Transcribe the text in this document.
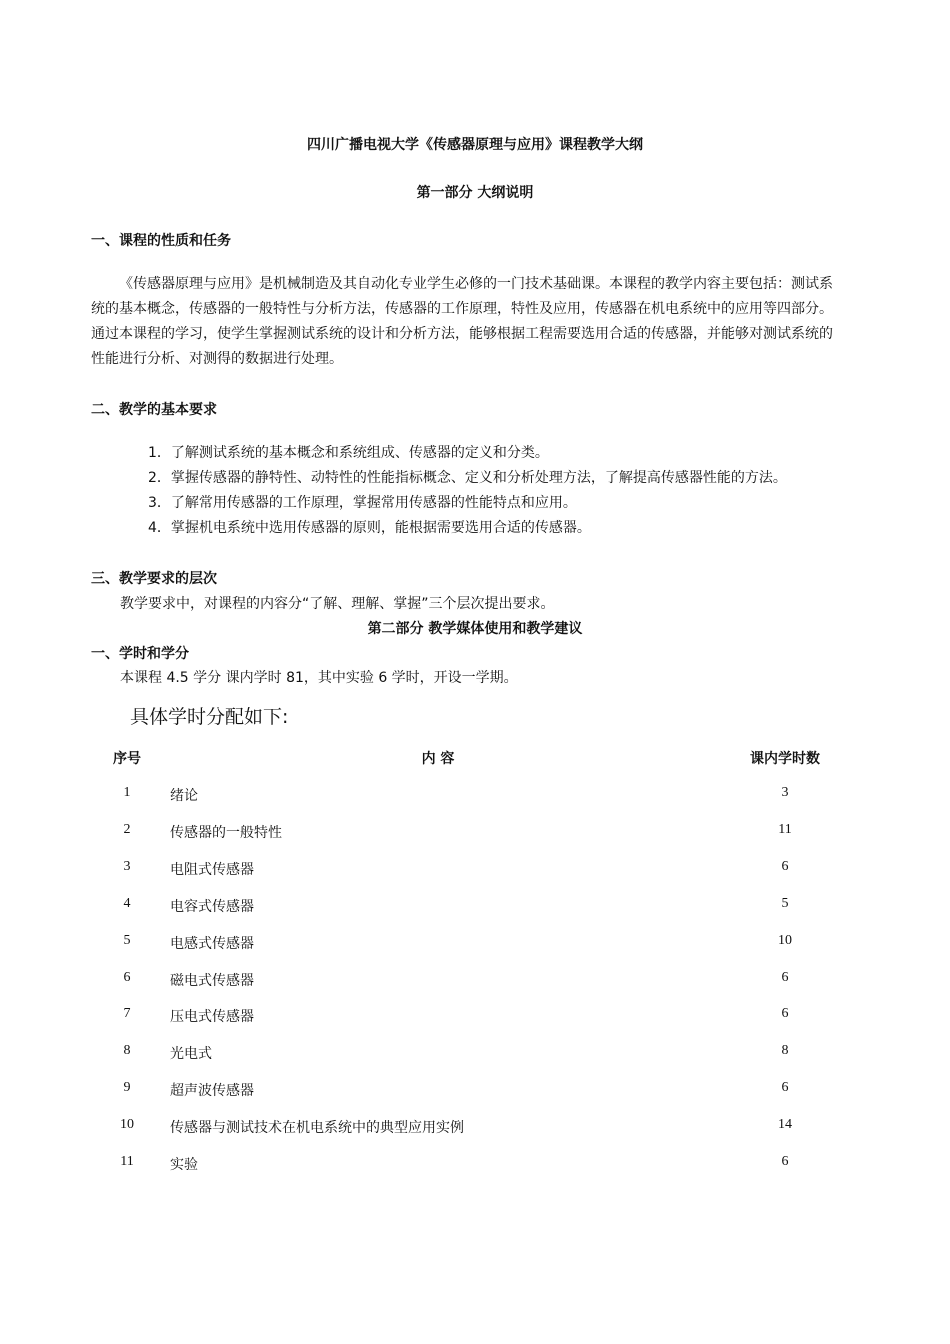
四川广播电视大学《传感器原理与应用》课程教学大纲
第一部分 大纲说明
一、课程的性质和任务
《传感器原理与应用》是机械制造及其自动化专业学生必修的一门技术基础课。本课程的教学内容主要包括：测试系
统的基本概念，传感器的一般特性与分析方法，传感器的工作原理，特性及应用，传感器在机电系统中的应用等四部分。
通过本课程的学习，使学生掌握测试系统的设计和分析方法，能够根据工程需要选用合适的传感器，并能够对测试系统的
性能进行分析、对测得的数据进行处理。
二、教学的基本要求
1．了解测试系统的基本概念和系统组成、传感器的定义和分类。
2．掌握传感器的静特性、动特性的性能指标概念、定义和分析处理方法，了解提高传感器性能的方法。
3．了解常用传感器的工作原理，掌握常用传感器的性能特点和应用。
4．掌握机电系统中选用传感器的原则，能根据需要选用合适的传感器。
三、教学要求的层次
教学要求中，对课程的内容分“了解、理解、掌握”三个层次提出要求。
第二部分 教学媒体使用和教学建议
一、学时和学分
本课程 4.5 学分 课内学时 81，其中实验 6 学时，开设一学期。
具体学时分配如下:
序号	内 容	课内学时数
1	绪论	3
2	传感器的一般特性	11
3	电阻式传感器	6
4	电容式传感器	5
5	电感式传感器	10
6	磁电式传感器	6
7	压电式传感器	6
8	光电式	8
9	超声波传感器	6
10	传感器与测试技术在机电系统中的典型应用实例	14
11	实验	6
